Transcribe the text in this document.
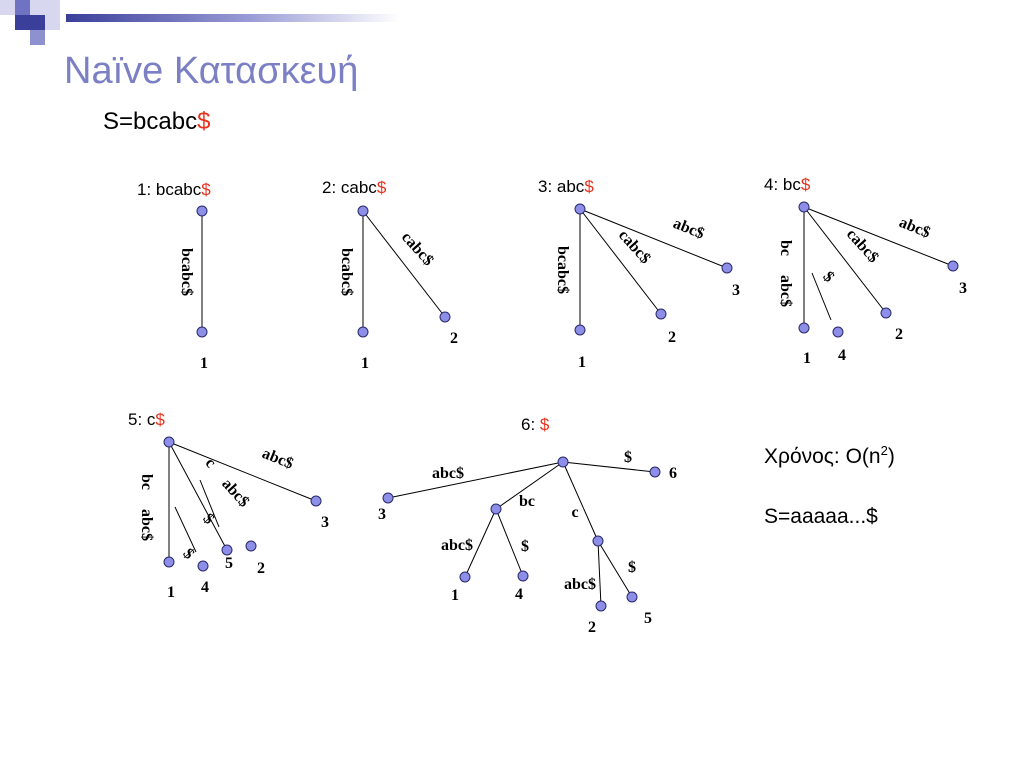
Naïve Κατασκευή
S=bcabc$
Χρόνος: $O(n^2)$
S=aaaaa...$
1: bcabc$
bcabc$
1
2: cabc$
bcabc$	cabc$
1
2
3: abc$
bcabc$	cabc$ abc$
1
2
3
4: bc$
bc
abc$ $
cabc$ abc$
1 4
2
3
5: c$
bc
abc$
$
c
$
abc$
abc$
1 4
5 2
3
6: $
abc$
bc
c
$
abc$	$
abc$
$
3
6
1	4
2
5
